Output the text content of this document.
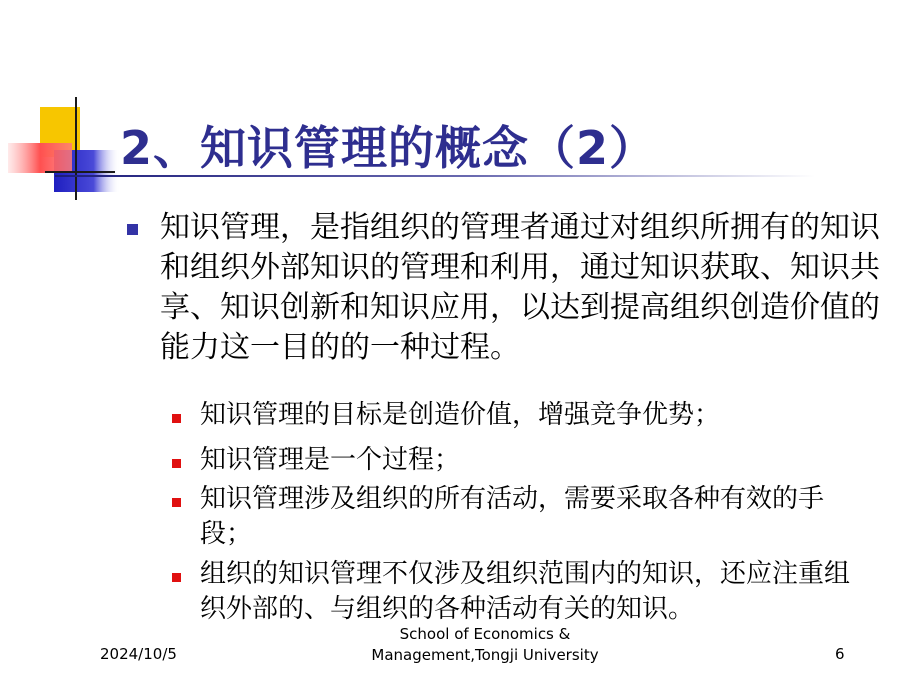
2、知识管理的概念（2）
知识管理，是指组织的管理者通过对组织所拥有的知识和组织外部知识的管理和利用，通过知识获取、知识共享、知识创新和知识应用，以达到提高组织创造价值的能力这一目的的一种过程。
知识管理的目标是创造价值，增强竞争优势；
知识管理是一个过程；
知识管理涉及组织的所有活动，需要采取各种有效的手段；
组织的知识管理不仅涉及组织范围内的知识，还应注重组织外部的、与组织的各种活动有关的知识。
2024/10/5
School of Economics & Management,Tongji University	6
